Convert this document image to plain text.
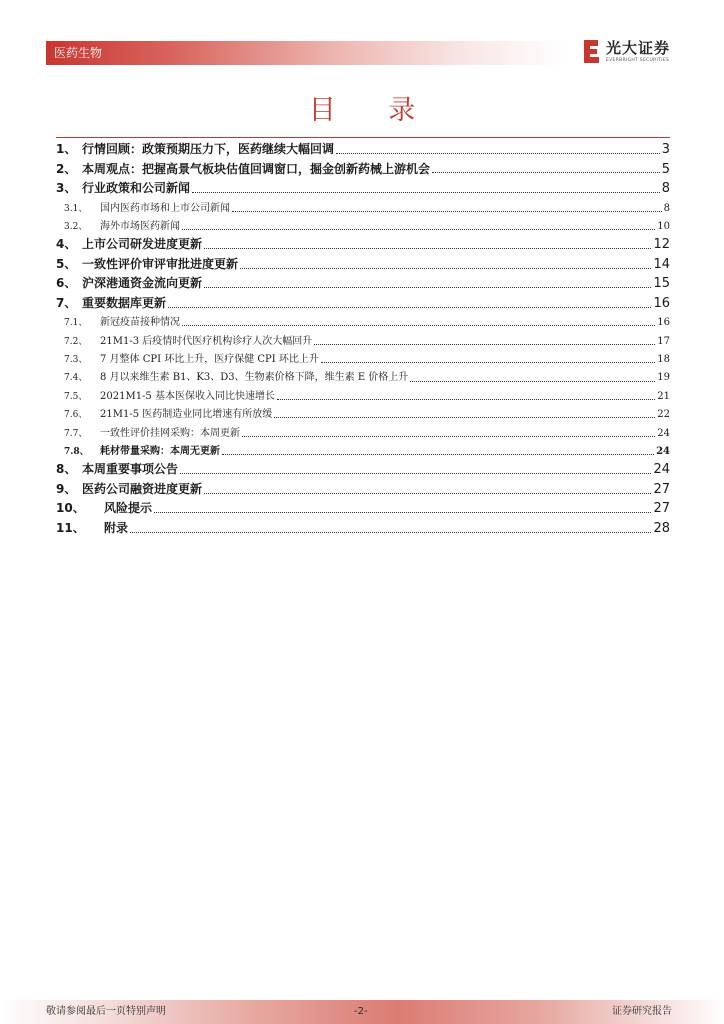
医药生物	光大证券
EVERBRIGHT SECURITIES
目 录
1、 行情回顾：政策预期压力下，医药继续大幅回调	3
2、 本周观点：把握高景气板块估值回调窗口，掘金创新药械上游机会	5
3、 行业政策和公司新闻	8
3.1、	国内医药市场和上市公司新闻	8
3.2、	海外市场医药新闻	10
4、 上市公司研发进度更新	12
5、 一致性评价审评审批进度更新	14
6、 沪深港通资金流向更新	15
7、 重要数据库更新	16
7.1、	新冠疫苗接种情况	16
7.2、	21M1-3 后疫情时代医疗机构诊疗人次大幅回升	17
7.3、	7 月整体 CPI 环比上升，医疗保健 CPI 环比上升	18
7.4、	8 月以来维生素 B1、K3、D3、生物素价格下降，维生素 E 价格上升	19
7.5、	2021M1-5 基本医保收入同比快速增长	21
7.6、	21M1-5 医药制造业同比增速有所放缓	22
7.7、	一致性评价挂网采购：本周更新	24
7.8、	耗材带量采购：本周无更新	24
8、 本周重要事项公告	24
9、 医药公司融资进度更新	27
10、	风险提示	27
11、	附录	28
敬请参阅最后一页特别声明	-2-	证券研究报告
